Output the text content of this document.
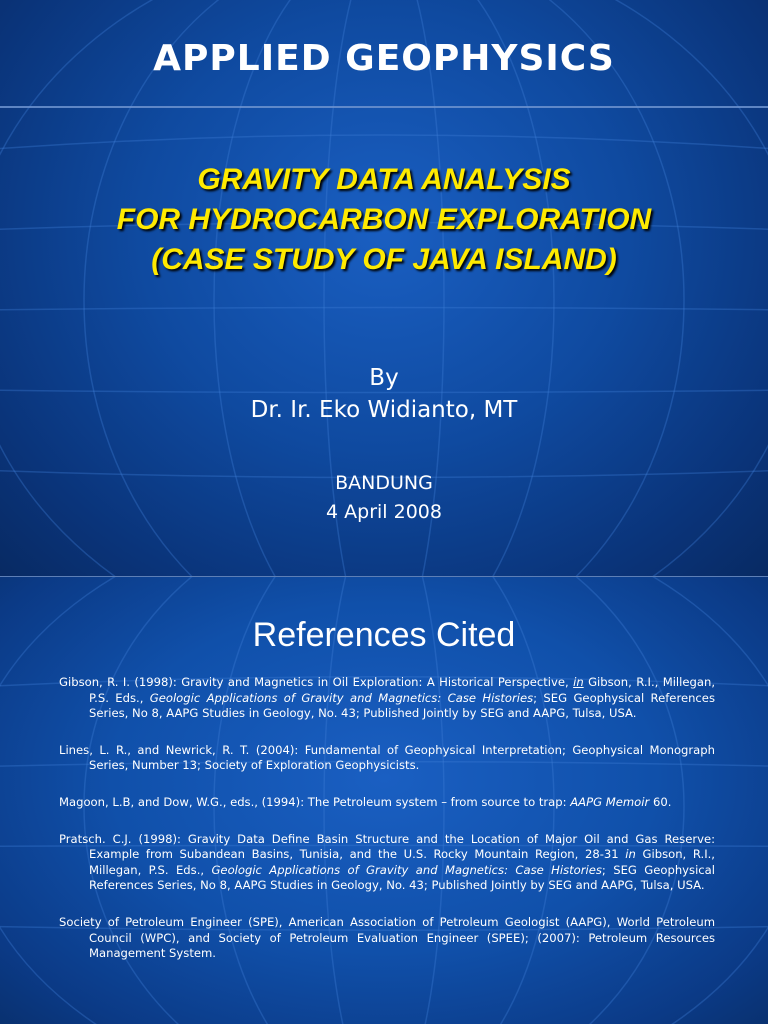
APPLIED GEOPHYSICS
GRAVITY DATA ANALYSIS
FOR HYDROCARBON EXPLORATION
(CASE STUDY OF JAVA ISLAND)
By
Dr. Ir. Eko Widianto, MT
BANDUNG
4 April 2008
References Cited
Gibson, R. I. (1998): Gravity and Magnetics in Oil Exploration: A Historical Perspective, in Gibson, R.I., Millegan, P.S. Eds., Geologic Applications of Gravity and Magnetics: Case Histories; SEG Geophysical References Series, No 8, AAPG Studies in Geology, No. 43; Published Jointly by SEG and AAPG, Tulsa, USA.
Lines, L. R., and Newrick, R. T. (2004): Fundamental of Geophysical Interpretation; Geophysical Monograph Series, Number 13; Society of Exploration Geophysicists.
Magoon, L.B, and Dow, W.G., eds., (1994): The Petroleum system – from source to trap: AAPG Memoir 60.
Pratsch. C.J. (1998): Gravity Data Define Basin Structure and the Location of Major Oil and Gas Reserve: Example from Subandean Basins, Tunisia, and the U.S. Rocky Mountain Region, 28-31 in Gibson, R.I., Millegan, P.S. Eds., Geologic Applications of Gravity and Magnetics: Case Histories; SEG Geophysical References Series, No 8, AAPG Studies in Geology, No. 43; Published Jointly by SEG and AAPG, Tulsa, USA.
Society of Petroleum Engineer (SPE), American Association of Petroleum Geologist (AAPG), World Petroleum Council (WPC), and Society of Petroleum Evaluation Engineer (SPEE); (2007): Petroleum Resources Management System.
